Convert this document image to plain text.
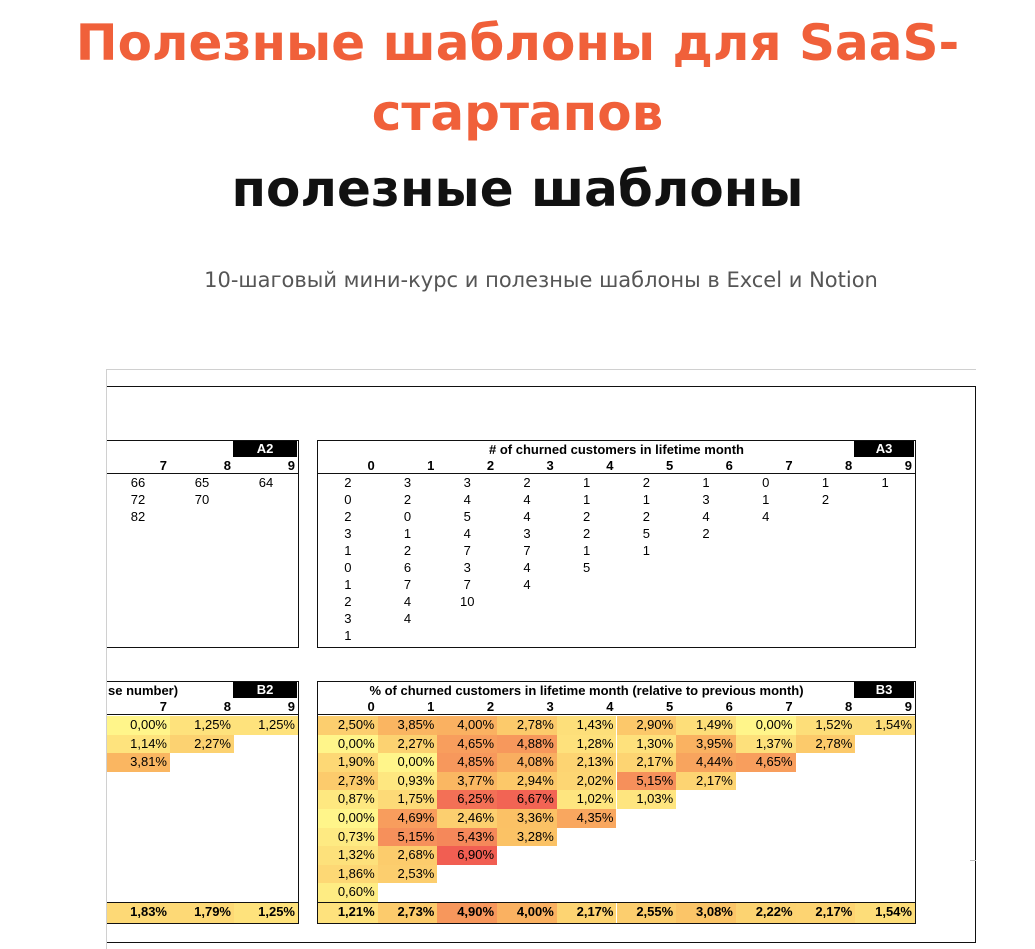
Полезные шаблоны для SaaS-стартапов
полезные шаблоны

10-шаговый мини-курс и полезные шаблоны в Excel и Notion

A2
7	8	9
66	65	64
72	70
82
# of churned customers in lifetime month	A3
0	1	2	3	4	5	6	7	8	9
2	3	3	2	1	2	1	0	1	1
0	2	4	4	1	1	3	1	2
2	0	5	4	2	2	4	4
3	1	4	3	2	5	2
1	2	7	7	1	1
0	6	3	4	5
1	7	7	4
2	4	10
3	4
1
se number)	B2
7	8	9
0,00%	1,25%	1,25%
1,14%	2,27%
3,81%
1,83%	1,79%	1,25%
% of churned customers in lifetime month (relative to previous month)	B3
0	1	2	3	4	5	6	7	8	9
2,50%	3,85%	4,00%	2,78%	1,43%	2,90%	1,49%	0,00%	1,52%	1,54%
0,00%	2,27%	4,65%	4,88%	1,28%	1,30%	3,95%	1,37%	2,78%
1,90%	0,00%	4,85%	4,08%	2,13%	2,17%	4,44%	4,65%
2,73%	0,93%	3,77%	2,94%	2,02%	5,15%	2,17%
0,87%	1,75%	6,25%	6,67%	1,02%	1,03%
0,00%	4,69%	2,46%	3,36%	4,35%
0,73%	5,15%	5,43%	3,28%
1,32%	2,68%	6,90%
1,86%	2,53%
0,60%
1,21%	2,73%	4,90%	4,00%	2,17%	2,55%	3,08%	2,22%	2,17%	1,54%
